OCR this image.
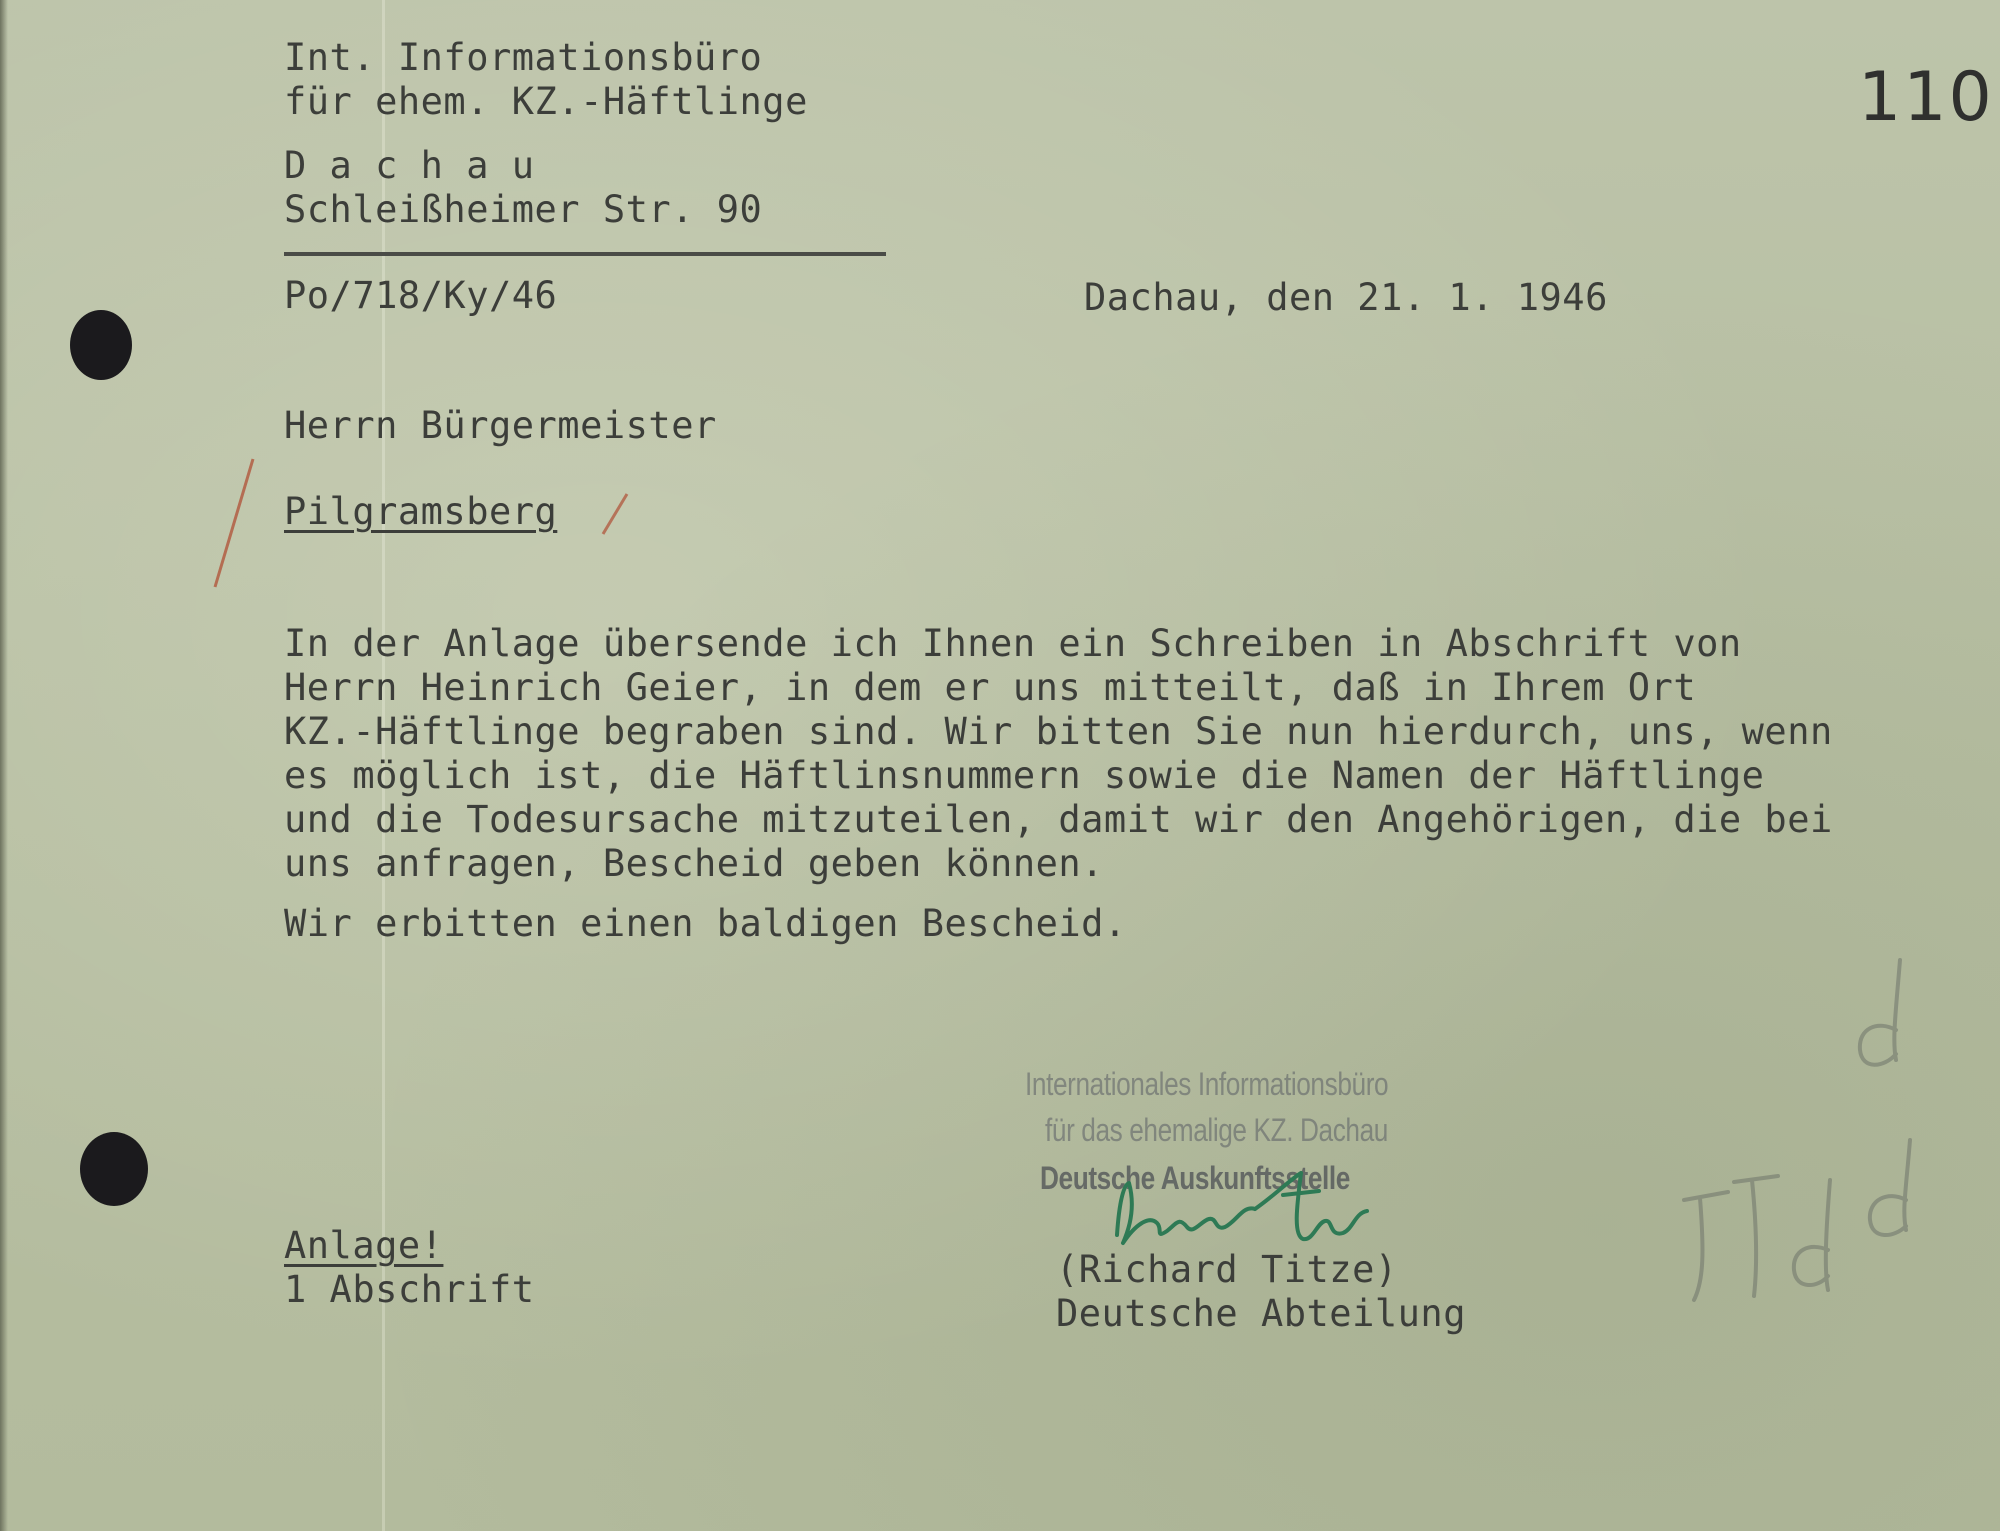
110
Int. Informationsbüro
für ehem. KZ.-Häftlinge
D a c h a u
Schleißheimer Str. 90
Po/718/Ky/46	Dachau, den 21. 1. 1946
Herrn Bürgermeister
Pilgramsberg
In der Anlage übersende ich Ihnen ein Schreiben in Abschrift von
Herrn Heinrich Geier, in dem er uns mitteilt, daß in Ihrem Ort
KZ.-Häftlinge begraben sind. Wir bitten Sie nun hierdurch, uns, wenn
es möglich ist, die Häftlinsnummern sowie die Namen der Häftlinge
und die Todesursache mitzuteilen, damit wir den Angehörigen, die bei
uns anfragen, Bescheid geben können.
Wir erbitten einen baldigen Bescheid.
Internationales Informationsbüro
für das ehemalige KZ. Dachau
Deutsche Auskunftsstelle
(Richard Titze)
Deutsche Abteilung
Anlage!
1 Abschrift
